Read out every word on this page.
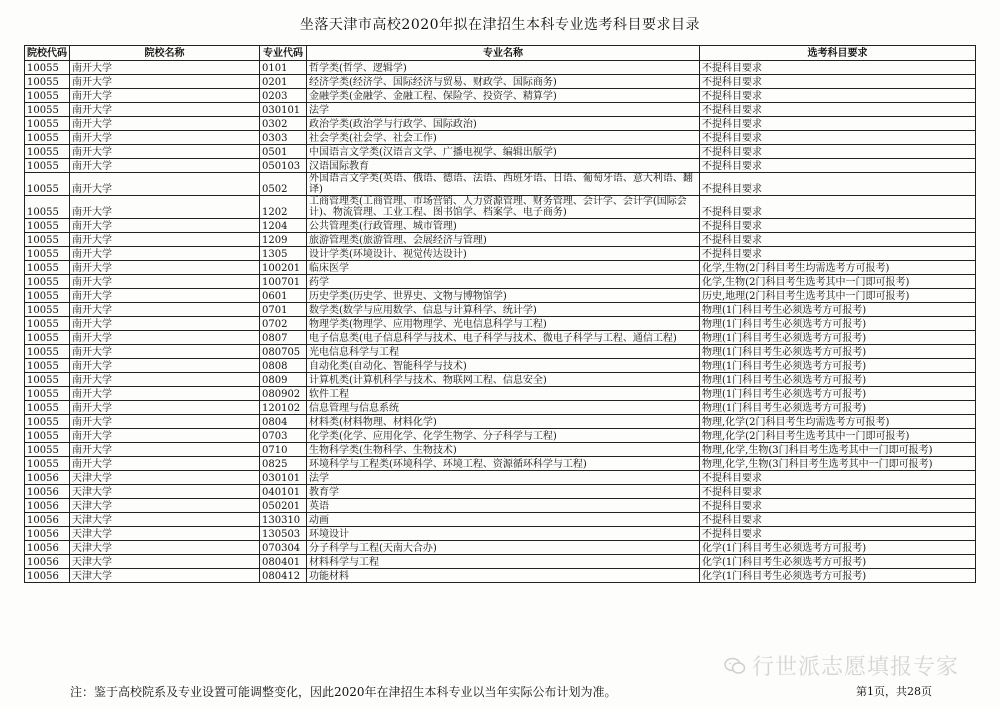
坐落天津市高校2020年拟在津招生本科专业选考科目要求目录
院校代码	院校名称	专业代码	专业名称	选考科目要求
10055	南开大学	0101	哲学类(哲学、逻辑学)	不提科目要求
10055	南开大学	0201	经济学类(经济学、国际经济与贸易、财政学、国际商务)	不提科目要求
10055	南开大学	0203	金融学类(金融学、金融工程、保险学、投资学、精算学)	不提科目要求
10055	南开大学	030101	法学	不提科目要求
10055	南开大学	0302	政治学类(政治学与行政学、国际政治)	不提科目要求
10055	南开大学	0303	社会学类(社会学、社会工作)	不提科目要求
10055	南开大学	0501	中国语言文学类(汉语言文学、广播电视学、编辑出版学)	不提科目要求
10055	南开大学	050103	汉语国际教育	不提科目要求
10055	南开大学	0502	外国语言文学类(英语、俄语、德语、法语、西班牙语、日语、葡萄牙语、意大利语、翻译)	不提科目要求
10055	南开大学	1202	工商管理类(工商管理、市场营销、人力资源管理、财务管理、会计学、会计学(国际会计)、物流管理、工业工程、图书馆学、档案学、电子商务)	不提科目要求
10055	南开大学	1204	公共管理类(行政管理、城市管理)	不提科目要求
10055	南开大学	1209	旅游管理类(旅游管理、会展经济与管理)	不提科目要求
10055	南开大学	1305	设计学类(环境设计、视觉传达设计)	不提科目要求
10055	南开大学	100201	临床医学	化学,生物(2门科目考生均需选考方可报考)
10055	南开大学	100701	药学	化学,生物(2门科目考生选考其中一门即可报考)
10055	南开大学	0601	历史学类(历史学、世界史、文物与博物馆学)	历史,地理(2门科目考生选考其中一门即可报考)
10055	南开大学	0701	数学类(数学与应用数学、信息与计算科学、统计学)	物理(1门科目考生必须选考方可报考)
10055	南开大学	0702	物理学类(物理学、应用物理学、光电信息科学与工程)	物理(1门科目考生必须选考方可报考)
10055	南开大学	0807	电子信息类(电子信息科学与技术、电子科学与技术、微电子科学与工程、通信工程)	物理(1门科目考生必须选考方可报考)
10055	南开大学	080705	光电信息科学与工程	物理(1门科目考生必须选考方可报考)
10055	南开大学	0808	自动化类(自动化、智能科学与技术)	物理(1门科目考生必须选考方可报考)
10055	南开大学	0809	计算机类(计算机科学与技术、物联网工程、信息安全)	物理(1门科目考生必须选考方可报考)
10055	南开大学	080902	软件工程	物理(1门科目考生必须选考方可报考)
10055	南开大学	120102	信息管理与信息系统	物理(1门科目考生必须选考方可报考)
10055	南开大学	0804	材料类(材料物理、材料化学)	物理,化学(2门科目考生均需选考方可报考)
10055	南开大学	0703	化学类(化学、应用化学、化学生物学、分子科学与工程)	物理,化学(2门科目考生选考其中一门即可报考)
10055	南开大学	0710	生物科学类(生物科学、生物技术)	物理,化学,生物(3门科目考生选考其中一门即可报考)
10055	南开大学	0825	环境科学与工程类(环境科学、环境工程、资源循环科学与工程)	物理,化学,生物(3门科目考生选考其中一门即可报考)
10056	天津大学	030101	法学	不提科目要求
10056	天津大学	040101	教育学	不提科目要求
10056	天津大学	050201	英语	不提科目要求
10056	天津大学	130310	动画	不提科目要求
10056	天津大学	130503	环境设计	不提科目要求
10056	天津大学	070304	分子科学与工程(天南大合办)	化学(1门科目考生必须选考方可报考)
10056	天津大学	080401	材料科学与工程	化学(1门科目考生必须选考方可报考)
10056	天津大学	080412	功能材料	化学(1门科目考生必须选考方可报考)
行世派志愿填报专家
注：鉴于高校院系及专业设置可能调整变化，因此2020年在津招生本科专业以当年实际公布计划为准。	第1页，共28页
